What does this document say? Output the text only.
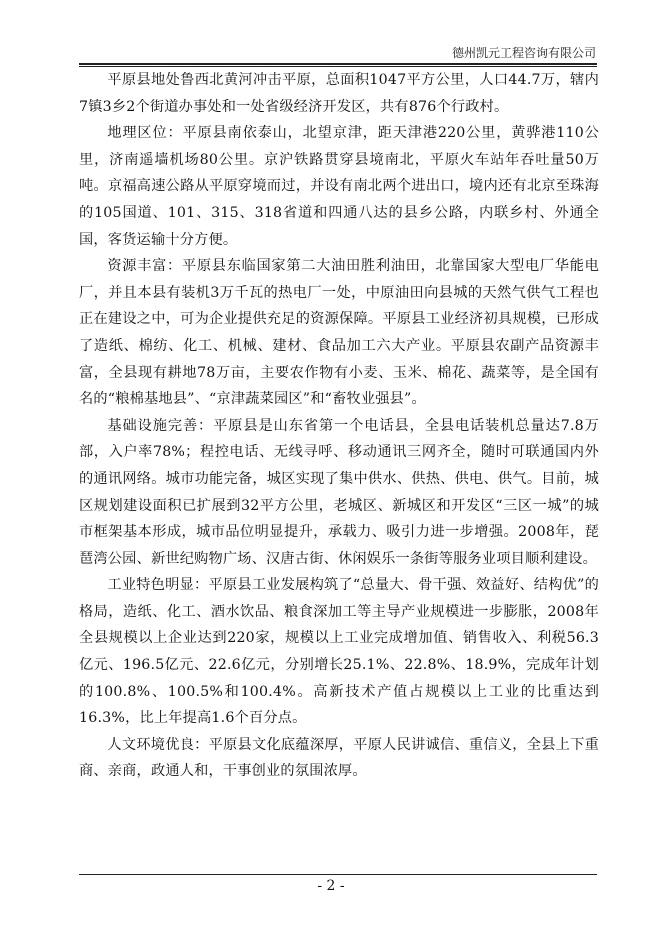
德州凯元工程咨询有限公司

平原县地处鲁西北黄河冲击平原，总面积1047平方公里，人口44.7万，辖内7镇3乡2个街道办事处和一处省级经济开发区，共有876个行政村。

地理区位：平原县南依泰山，北望京津，距天津港220公里，黄骅港110公里，济南遥墙机场80公里。京沪铁路贯穿县境南北，平原火车站年吞吐量50万吨。京福高速公路从平原穿境而过，并设有南北两个进出口，境内还有北京至珠海的105国道、101、315、318省道和四通八达的县乡公路，内联乡村、外通全国，客货运输十分方便。

资源丰富：平原县东临国家第二大油田胜利油田，北靠国家大型电厂华能电厂，并且本县有装机3万千瓦的热电厂一处，中原油田向县城的天然气供气工程也正在建设之中，可为企业提供充足的资源保障。平原县工业经济初具规模，已形成了造纸、棉纺、化工、机械、建材、食品加工六大产业。平原县农副产品资源丰富，全县现有耕地78万亩，主要农作物有小麦、玉米、棉花、蔬菜等，是全国有名的“粮棉基地县”、“京津蔬菜园区”和“畜牧业强县”。

基础设施完善：平原县是山东省第一个电话县，全县电话装机总量达7.8万部，入户率78%；程控电话、无线寻呼、移动通讯三网齐全，随时可联通国内外的通讯网络。城市功能完备，城区实现了集中供水、供热、供电、供气。目前，城区规划建设面积已扩展到32平方公里，老城区、新城区和开发区“三区一城”的城市框架基本形成，城市品位明显提升，承载力、吸引力进一步增强。2008年，琵琶湾公园、新世纪购物广场、汉唐古街、休闲娱乐一条街等服务业项目顺利建设。

工业特色明显：平原县工业发展构筑了“总量大、骨干强、效益好、结构优”的格局，造纸、化工、酒水饮品、粮食深加工等主导产业规模进一步膨胀，2008年全县规模以上企业达到220家，规模以上工业完成增加值、销售收入、利税56.3亿元、196.5亿元、22.6亿元，分别增长25.1%、22.8%、18.9%，完成年计划的100.8%、100.5%和100.4%。高新技术产值占规模以上工业的比重达到16.3%，比上年提高1.6个百分点。

人文环境优良：平原县文化底蕴深厚，平原人民讲诚信、重信义，全县上下重商、亲商，政通人和，干事创业的氛围浓厚。

- 2 -
